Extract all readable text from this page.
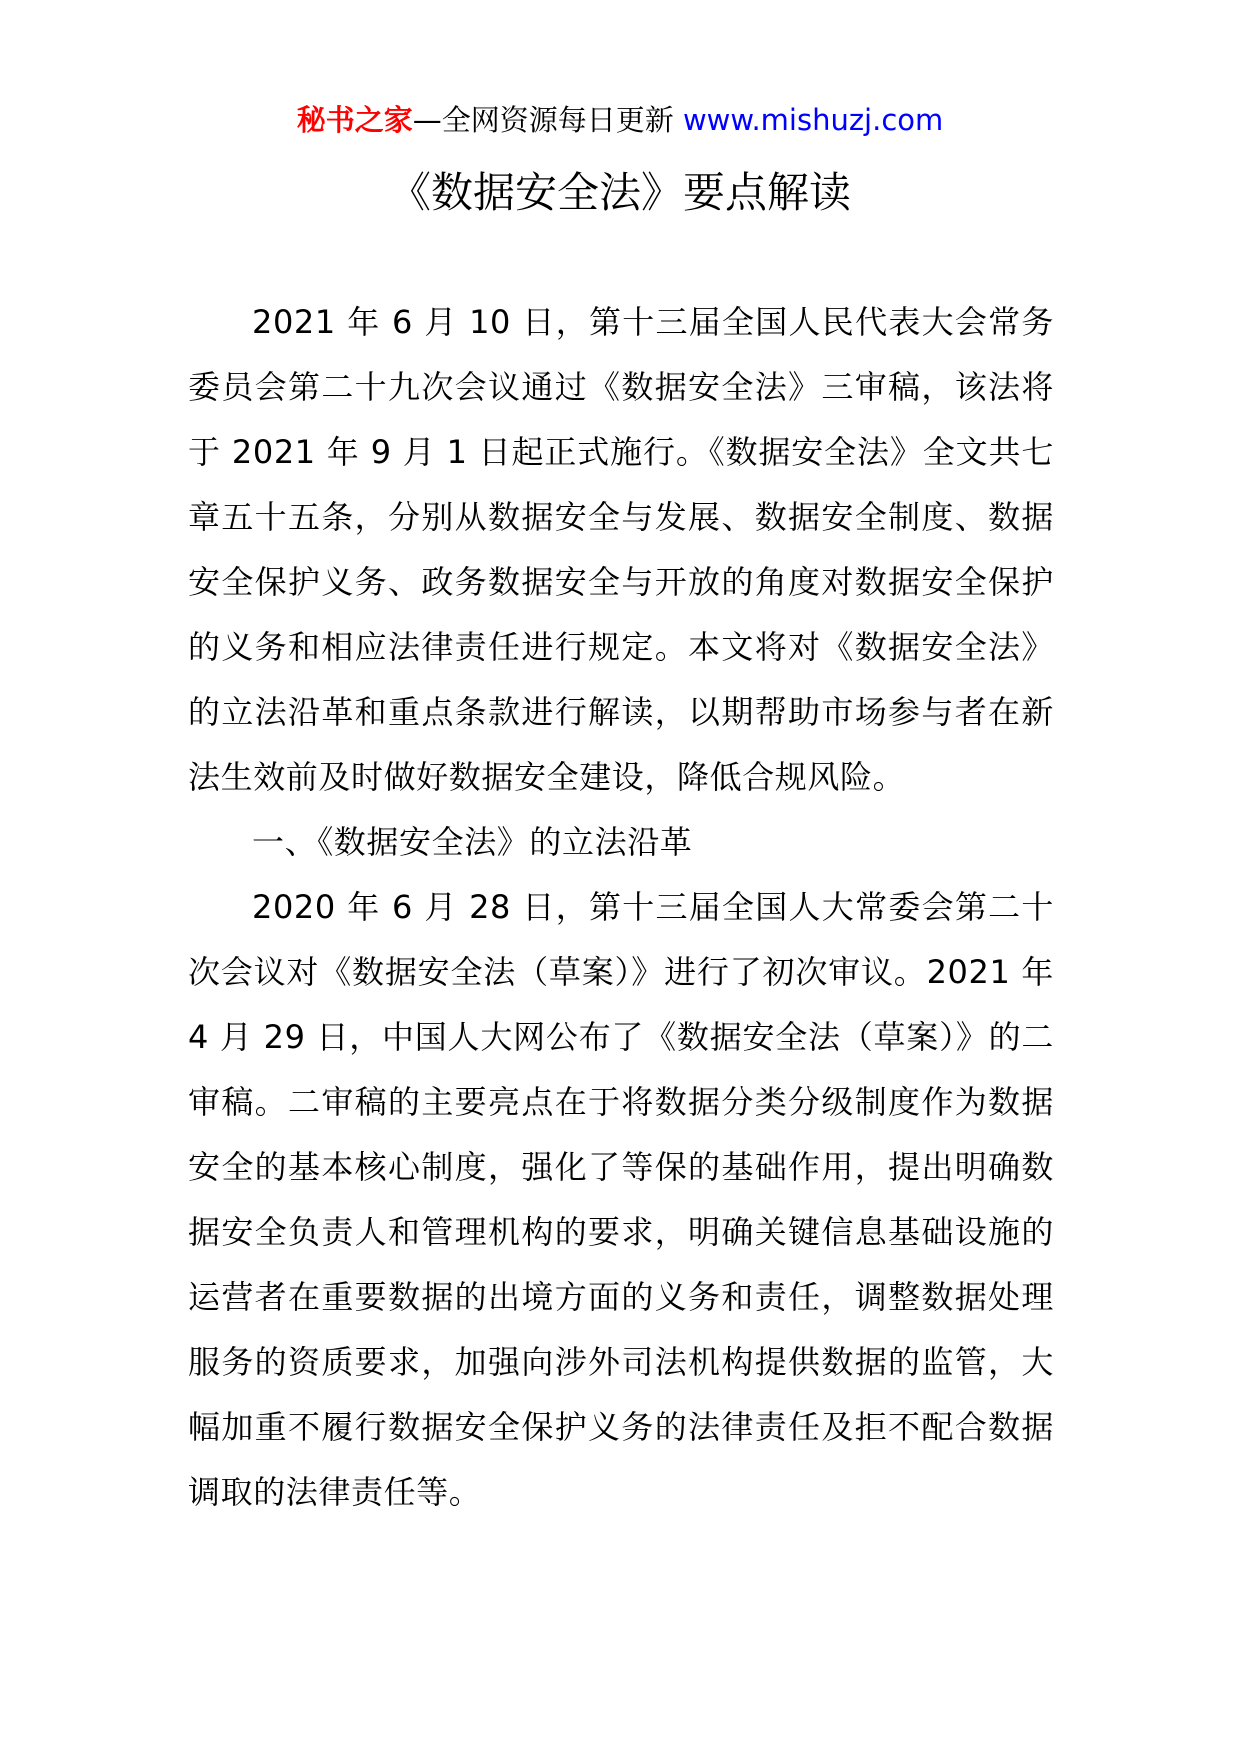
秘书之家—全网资源每日更新 www.mishuzj.com
《数据安全法》要点解读

2021 年 6 月 10 日，第十三届全国人民代表大会常务委员会第二十九次会议通过《数据安全法》三审稿，该法将于 2021 年 9 月 1 日起正式施行。《数据安全法》全文共七章五十五条，分别从数据安全与发展、数据安全制度、数据安全保护义务、政务数据安全与开放的角度对数据安全保护的义务和相应法律责任进行规定。本文将对《数据安全法》的立法沿革和重点条款进行解读，以期帮助市场参与者在新法生效前及时做好数据安全建设，降低合规风险。

一、《数据安全法》的立法沿革

2020 年 6 月 28 日，第十三届全国人大常委会第二十次会议对《数据安全法（草案）》进行了初次审议。2021 年 4 月 29 日，中国人大网公布了《数据安全法（草案）》的二审稿。二审稿的主要亮点在于将数据分类分级制度作为数据安全的基本核心制度，强化了等保的基础作用，提出明确数据安全负责人和管理机构的要求，明确关键信息基础设施的运营者在重要数据的出境方面的义务和责任，调整数据处理服务的资质要求，加强向涉外司法机构提供数据的监管，大幅加重不履行数据安全保护义务的法律责任及拒不配合数据调取的法律责任等。
